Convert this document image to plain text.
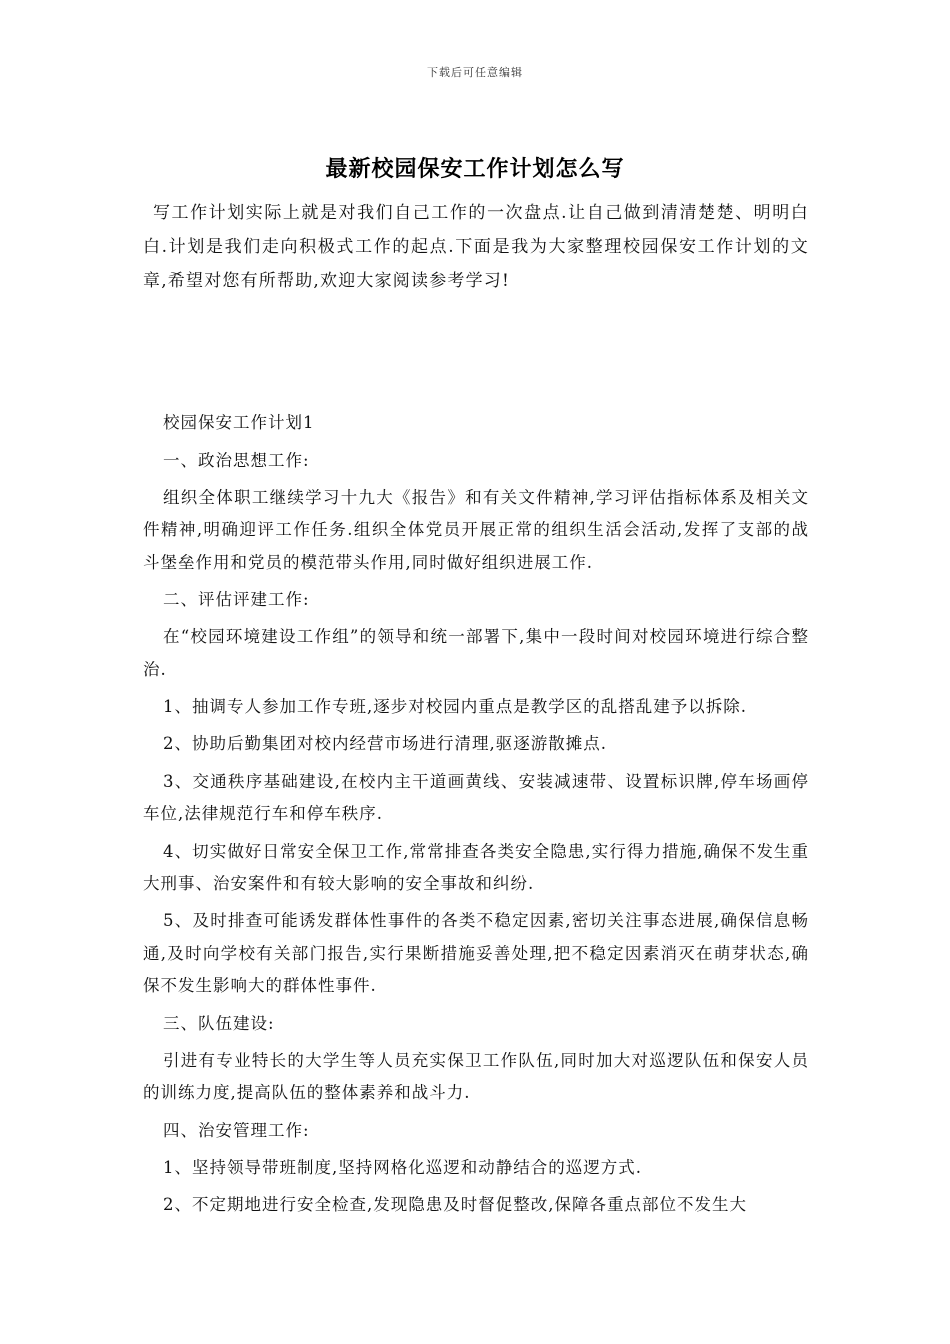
下载后可任意编辑
最新校园保安工作计划怎么写
写工作计划实际上就是对我们自己工作的一次盘点.让自己做到清清楚楚、明明白白.计划是我们走向积极式工作的起点.下面是我为大家整理校园保安工作计划的文章,希望对您有所帮助,欢迎大家阅读参考学习!

校园保安工作计划1

一、政治思想工作:

组织全体职工继续学习十九大《报告》和有关文件精神,学习评估指标体系及相关文件精神,明确迎评工作任务.组织全体党员开展正常的组织生活会活动,发挥了支部的战斗堡垒作用和党员的模范带头作用,同时做好组织进展工作.

二、评估评建工作:

在“校园环境建设工作组”的领导和统一部署下,集中一段时间对校园环境进行综合整治.

1、抽调专人参加工作专班,逐步对校园内重点是教学区的乱搭乱建予以拆除.

2、协助后勤集团对校内经营市场进行清理,驱逐游散摊点.

3、交通秩序基础建设,在校内主干道画黄线、安装减速带、设置标识牌,停车场画停车位,法律规范行车和停车秩序.

4、切实做好日常安全保卫工作,常常排查各类安全隐患,实行得力措施,确保不发生重大刑事、治安案件和有较大影响的安全事故和纠纷.

5、及时排查可能诱发群体性事件的各类不稳定因素,密切关注事态进展,确保信息畅通,及时向学校有关部门报告,实行果断措施妥善处理,把不稳定因素消灭在萌芽状态,确保不发生影响大的群体性事件.

三、队伍建设:

引进有专业特长的大学生等人员充实保卫工作队伍,同时加大对巡逻队伍和保安人员的训练力度,提高队伍的整体素养和战斗力.

四、治安管理工作:

1、坚持领导带班制度,坚持网格化巡逻和动静结合的巡逻方式.

2、不定期地进行安全检查,发现隐患及时督促整改,保障各重点部位不发生大
